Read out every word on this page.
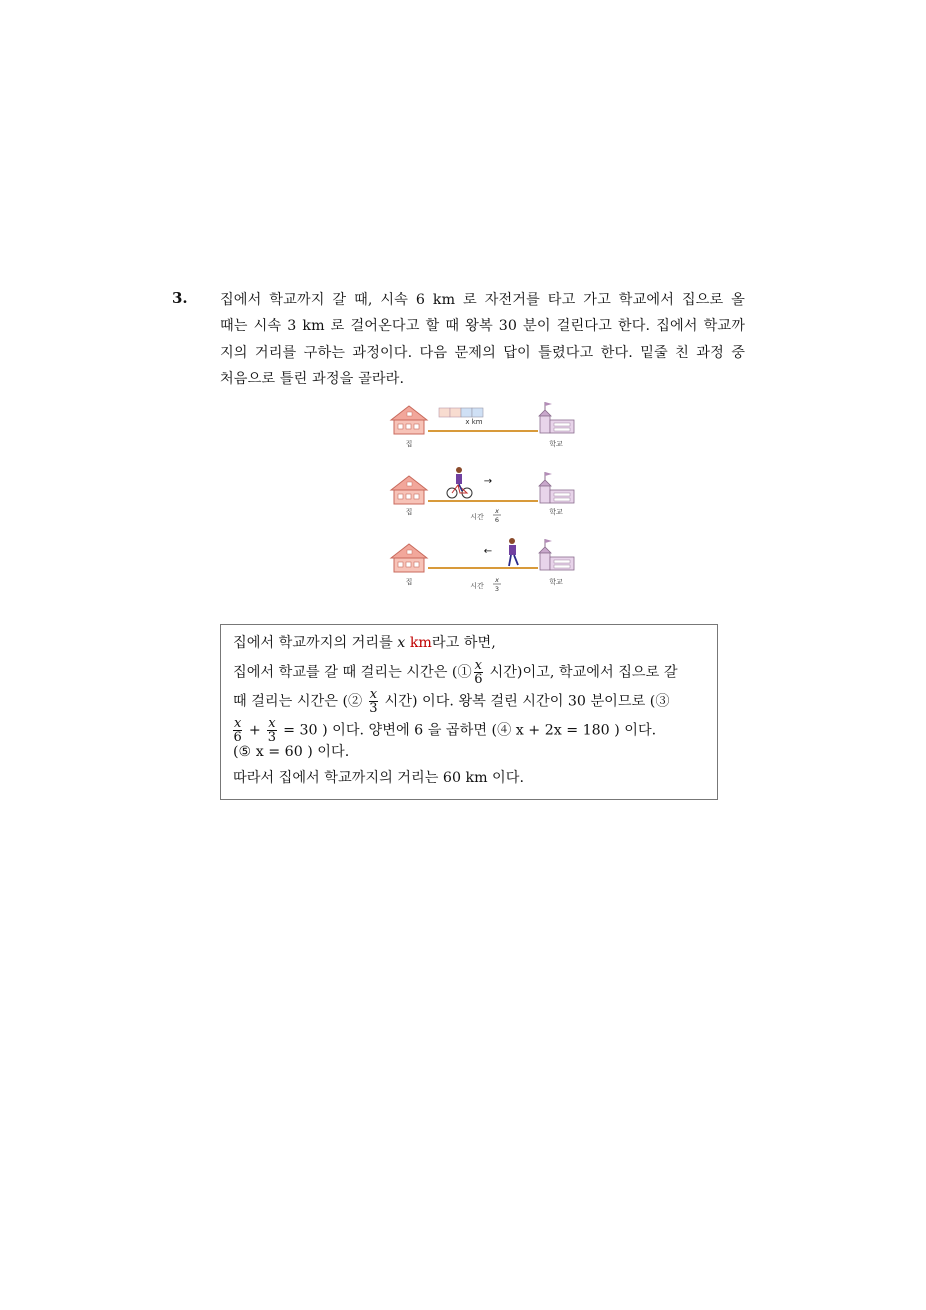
3. 집에서 학교까지 갈 때, 시속 6 km 로 자전거를 타고 가고 학교에서 집으로 올
때는 시속 3 km 로 걸어온다고 할 때 왕복 30 분이 걸린다고 한다. 집에서 학교까
지의 거리를 구하는 과정이다. 다음 문제의 답이 틀렸다고 한다. 밑줄 친 과정 중
처음으로 틀린 과정을 골라라.
x km
집	학교
→
집
시간
x
6
학교
←
집	시간
x
3
학교
집에서 학교까지의 거리를 x km라고 하면,
집에서 학교를 갈 때 걸리는 시간은 (① $\frac{x}{6}$ 시간)이고, 학교에서 집으로 갈
때 걸리는 시간은 (② $\frac{x}{3}$ 시간) 이다. 왕복 걸린 시간이 30 분이므로 (③
$\frac{x}{6} + \frac{x}{3} = 30$ ) 이다. 양변에 6 을 곱하면 (④ x + 2x = 180 ) 이다.
(⑤ x = 60 ) 이다.
따라서 집에서 학교까지의 거리는 60 km 이다.
